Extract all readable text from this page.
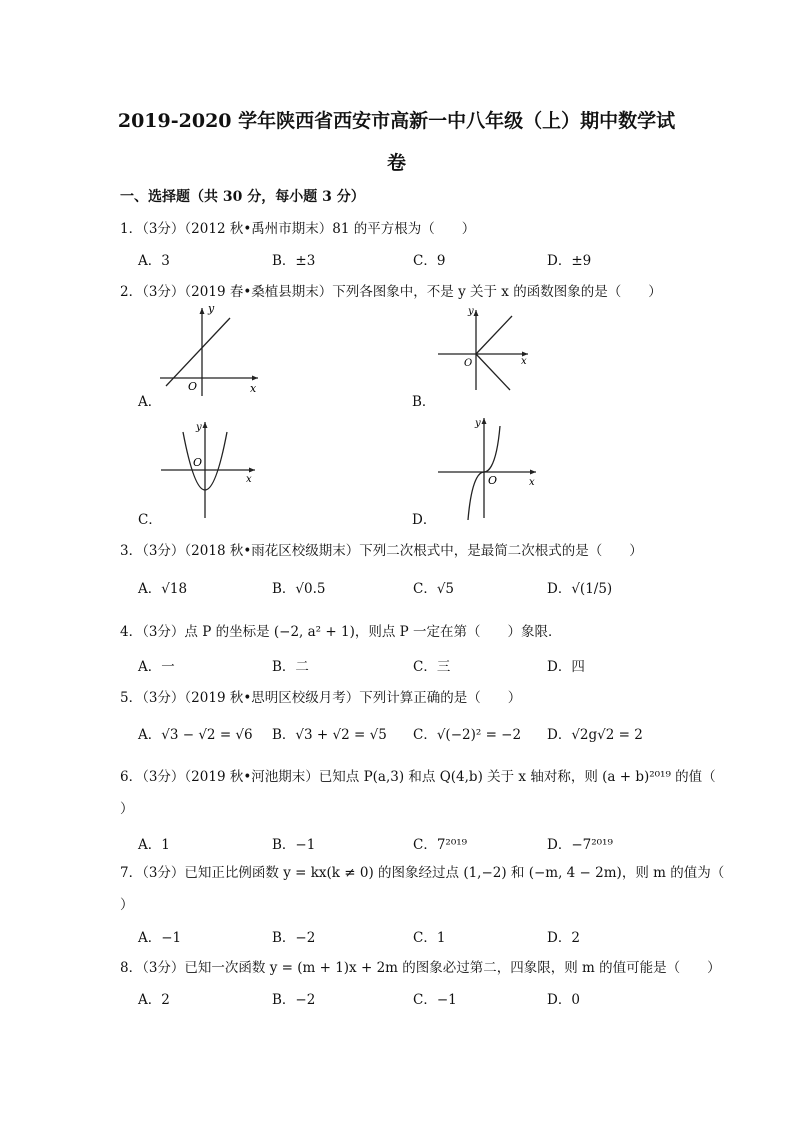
2019-2020 学年陕西省西安市高新一中八年级（上）期中数学试
卷
一、选择题（共 30 分，每小题 3 分）
1．（3分）（2012 秋•禹州市期末）81 的平方根为（　　）
A．3	B．±3	C．9	D．±9
2．（3分）（2019 春•桑植县期末）下列各图象中，不是 y 关于 x 的函数图象的是（　　）
A．	B．
C．	D．
y
x
O
y
x
O
y
x
O
y
x
O
3．（3分）（2018 秋•雨花区校级期末）下列二次根式中，是最简二次根式的是（　　）
A．√18	B．√0.5	C．√5	D．√(1/5)
4．（3分）点 P 的坐标是 (−2, a² + 1)，则点 P 一定在第（　　）象限．
A．一	B．二	C．三	D．四
5．（3分）（2019 秋•思明区校级月考）下列计算正确的是（　　）
A．√3 − √2 = √6 B．√3 + √2 = √5 C．√(−2)² = −2 D．√2g√2 = 2
6．（3分）（2019 秋•河池期末）已知点 P(a,3) 和点 Q(4,b) 关于 x 轴对称，则 (a + b)²⁰¹⁹ 的值（
）
A．1	B．−1	C．7²⁰¹⁹	D．−7²⁰¹⁹
7．（3分）已知正比例函数 y = kx(k ≠ 0) 的图象经过点 (1,−2) 和 (−m, 4 − 2m)，则 m 的值为（
）
A．−1	B．−2	C．1	D．2
8．（3分）已知一次函数 y = (m + 1)x + 2m 的图象必过第二，四象限，则 m 的值可能是（　　）
A．2	B．−2	C．−1	D．0
